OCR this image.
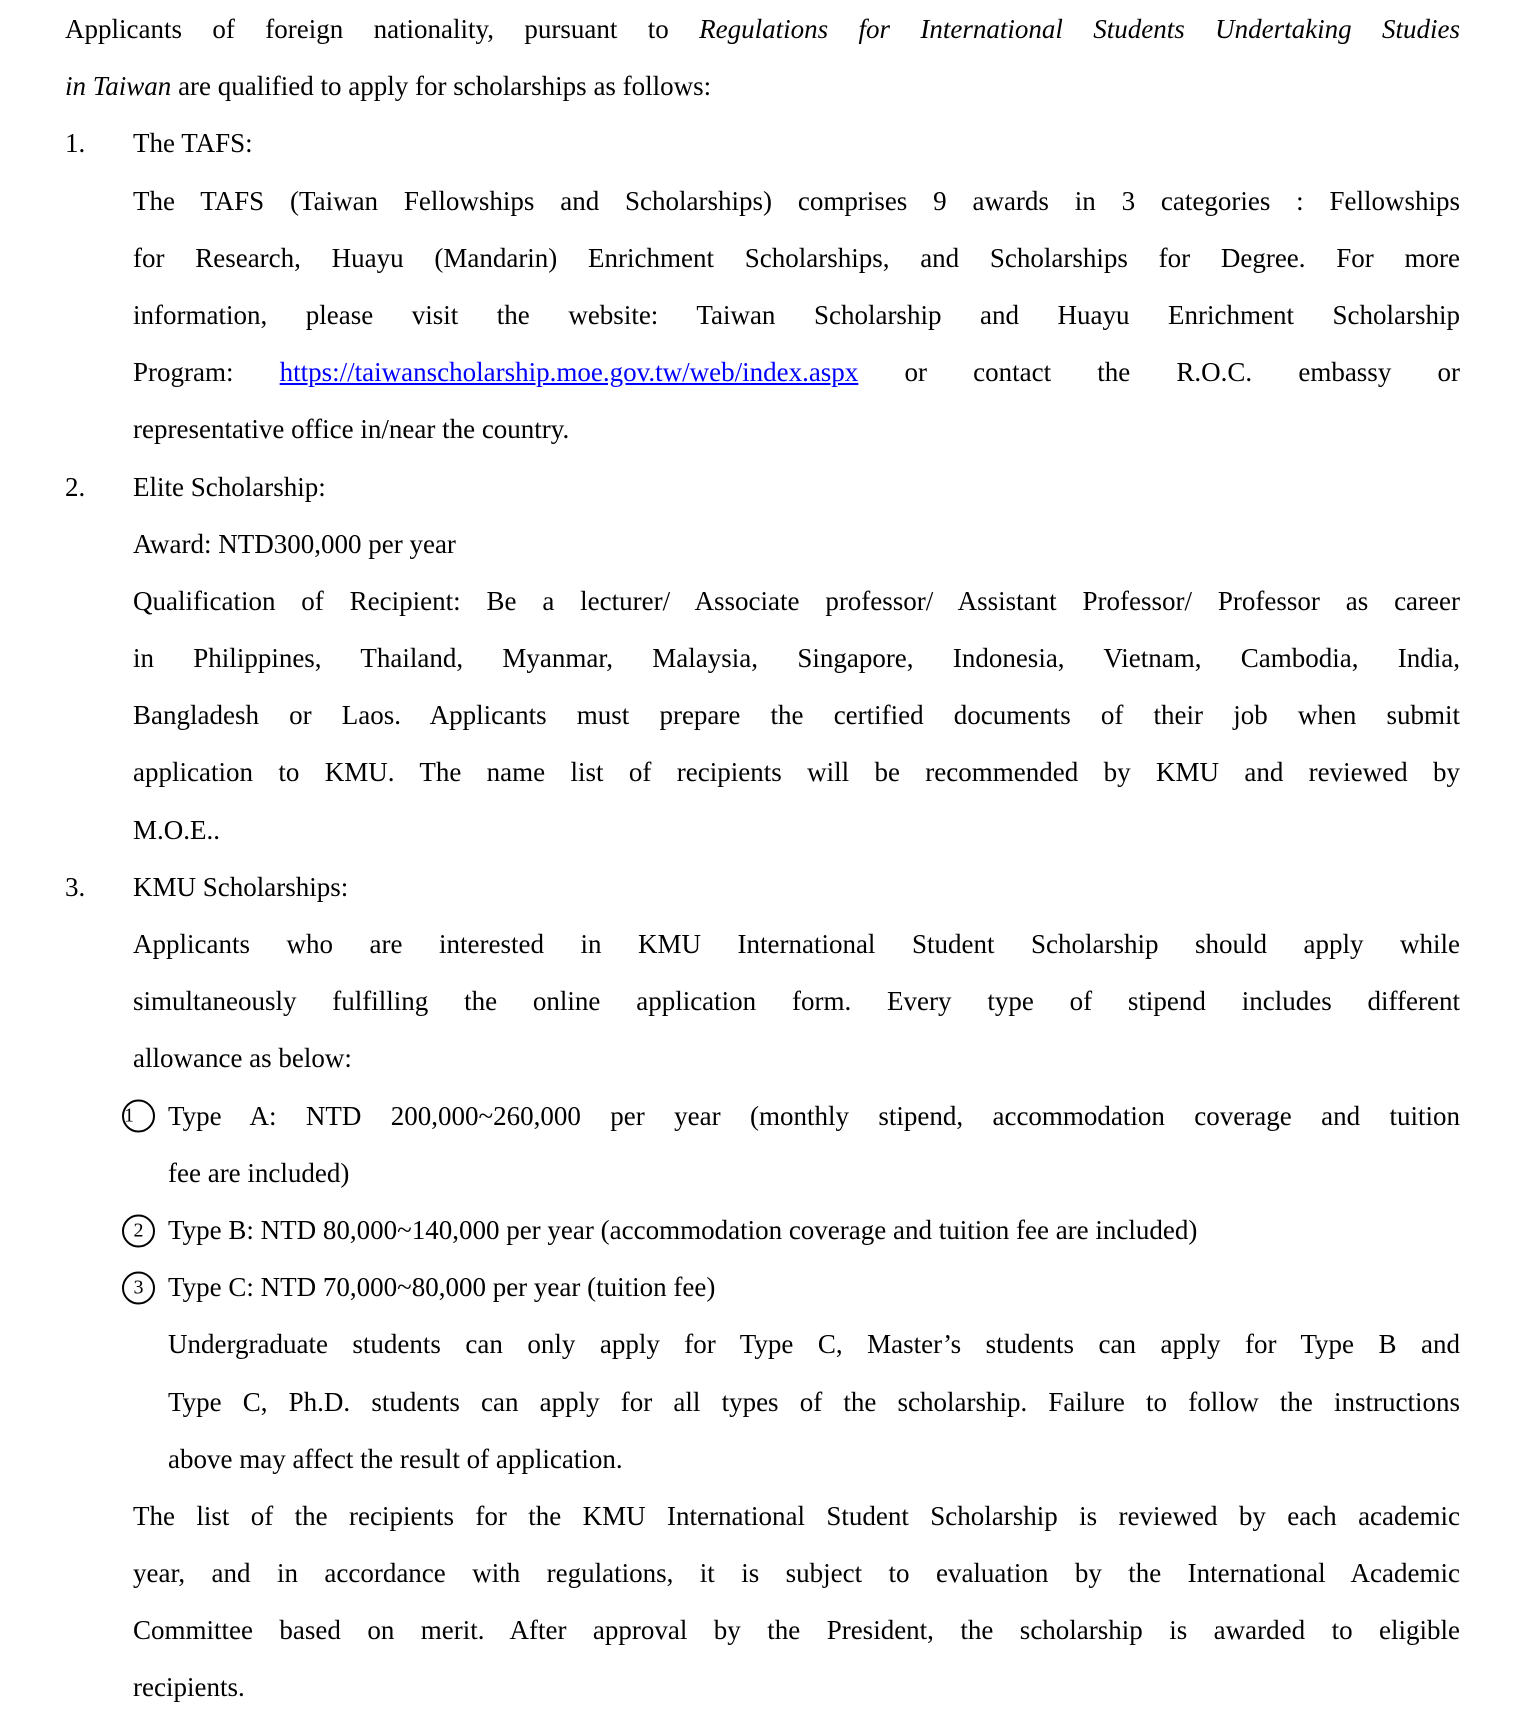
Applicants of foreign nationality, pursuant to Regulations for International Students Undertaking Studies
in Taiwan are qualified to apply for scholarships as follows:
1. The TAFS:
The TAFS (Taiwan Fellowships and Scholarships) comprises 9 awards in 3 categories : Fellowships
for Research, Huayu (Mandarin) Enrichment Scholarships, and Scholarships for Degree. For more
information, please visit the website: Taiwan Scholarship and Huayu Enrichment Scholarship
Program: https://taiwanscholarship.moe.gov.tw/web/index.aspx or contact the R.O.C. embassy or
representative office in/near the country.
2. Elite Scholarship:
Award: NTD300,000 per year
Qualification of Recipient: Be a lecturer/ Associate professor/ Assistant Professor/ Professor as career
in Philippines, Thailand, Myanmar, Malaysia, Singapore, Indonesia, Vietnam, Cambodia, India,
Bangladesh or Laos. Applicants must prepare the certified documents of their job when submit
application to KMU. The name list of recipients will be recommended by KMU and reviewed by
M.O.E..
3. KMU Scholarships:
Applicants who are interested in KMU International Student Scholarship should apply while
simultaneously fulfilling the online application form. Every type of stipend includes different
allowance as below:
1	Type A: NTD 200,000~260,000 per year (monthly stipend, accommodation coverage and tuition
fee are included)
2 Type B: NTD 80,000~140,000 per year (accommodation coverage and tuition fee are included)
3 Type C: NTD 70,000~80,000 per year (tuition fee)
Undergraduate students can only apply for Type C, Master’s students can apply for Type B and
Type C, Ph.D. students can apply for all types of the scholarship. Failure to follow the instructions
above may affect the result of application.
The list of the recipients for the KMU International Student Scholarship is reviewed by each academic
year, and in accordance with regulations, it is subject to evaluation by the International Academic
Committee based on merit. After approval by the President, the scholarship is awarded to eligible
recipients.
